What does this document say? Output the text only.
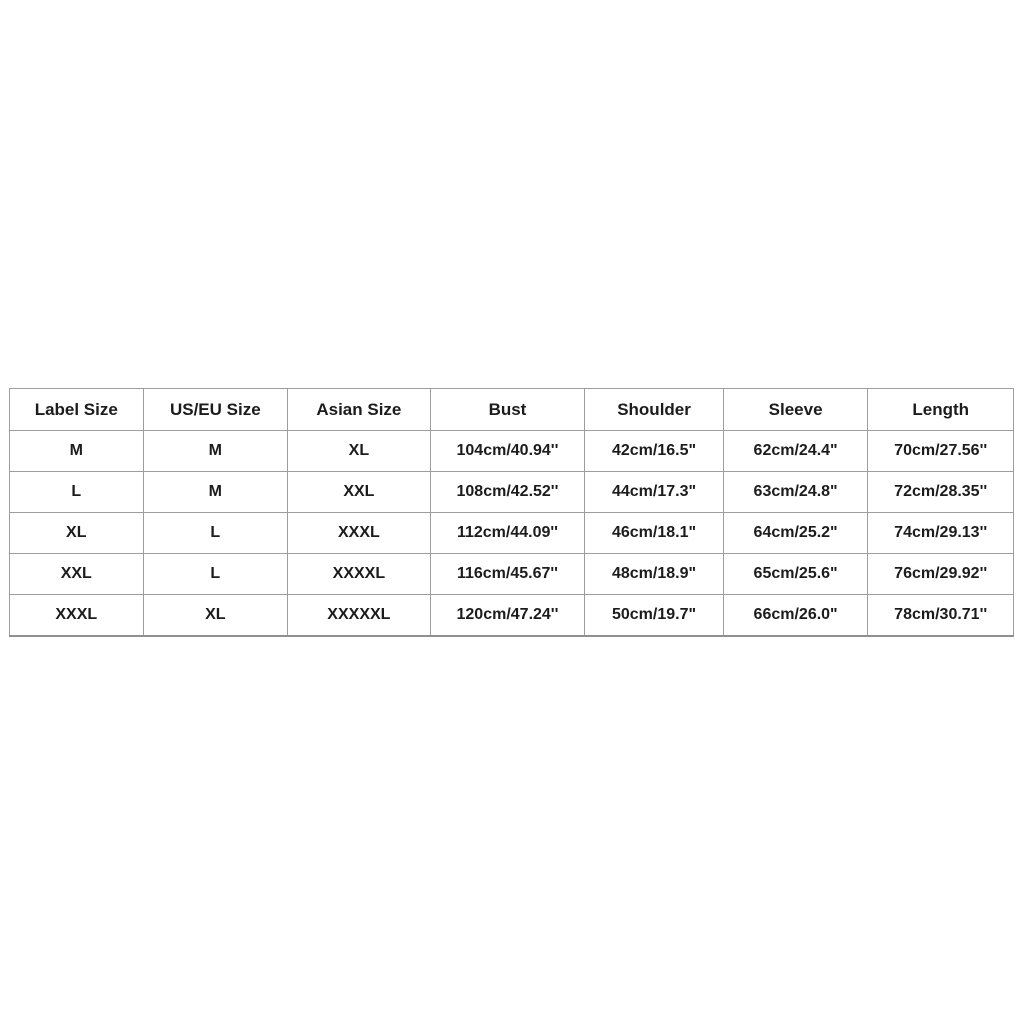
Label Size	US/EU Size	Asian Size	Bust	Shoulder	Sleeve	Length
M	M	XL	104cm/40.94''	42cm/16.5"	62cm/24.4"	70cm/27.56''
L	M	XXL	108cm/42.52''	44cm/17.3"	63cm/24.8"	72cm/28.35''
XL	L	XXXL	112cm/44.09''	46cm/18.1"	64cm/25.2"	74cm/29.13''
XXL	L	XXXXL	116cm/45.67''	48cm/18.9"	65cm/25.6"	76cm/29.92''
XXXL	XL	XXXXXL	120cm/47.24''	50cm/19.7"	66cm/26.0"	78cm/30.71''
